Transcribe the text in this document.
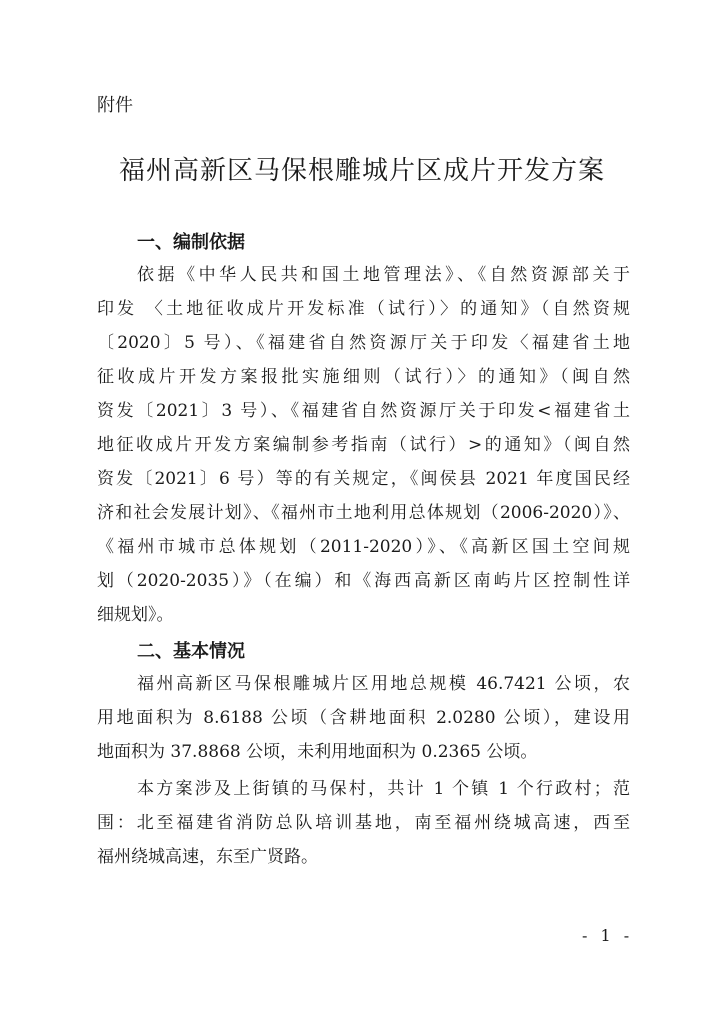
附件
福州高新区马保根雕城片区成片开发方案
一、编制依据
依据《中华人民共和国土地管理法》、《自然资源部关于
印发 〈土地征收成片开发标准（试行）〉的通知》（自然资规
〔2020〕5 号）、《福建省自然资源厅关于印发〈福建省土地
征收成片开发方案报批实施细则（试行）〉的通知》（闽自然
资发〔2021〕3 号）、《福建省自然资源厅关于印发<福建省土
地征收成片开发方案编制参考指南（试行）>的通知》（闽自然
资发〔2021〕6 号）等的有关规定，《闽侯县 2021 年度国民经
济和社会发展计划》、《福州市土地利用总体规划（2006-2020）》、
《福州市城市总体规划（2011-2020）》、《高新区国土空间规
划（2020-2035）》（在编）和《海西高新区南屿片区控制性详
细规划》。
二、基本情况
福州高新区马保根雕城片区用地总规模 46.7421 公顷，农
用地面积为 8.6188 公顷（含耕地面积 2.0280 公顷），建设用
地面积为 37.8868 公顷，未利用地面积为 0.2365 公顷。
本方案涉及上街镇的马保村，共计 1 个镇 1 个行政村；范
围：北至福建省消防总队培训基地，南至福州绕城高速，西至
福州绕城高速，东至广贤路。
- 1 -
